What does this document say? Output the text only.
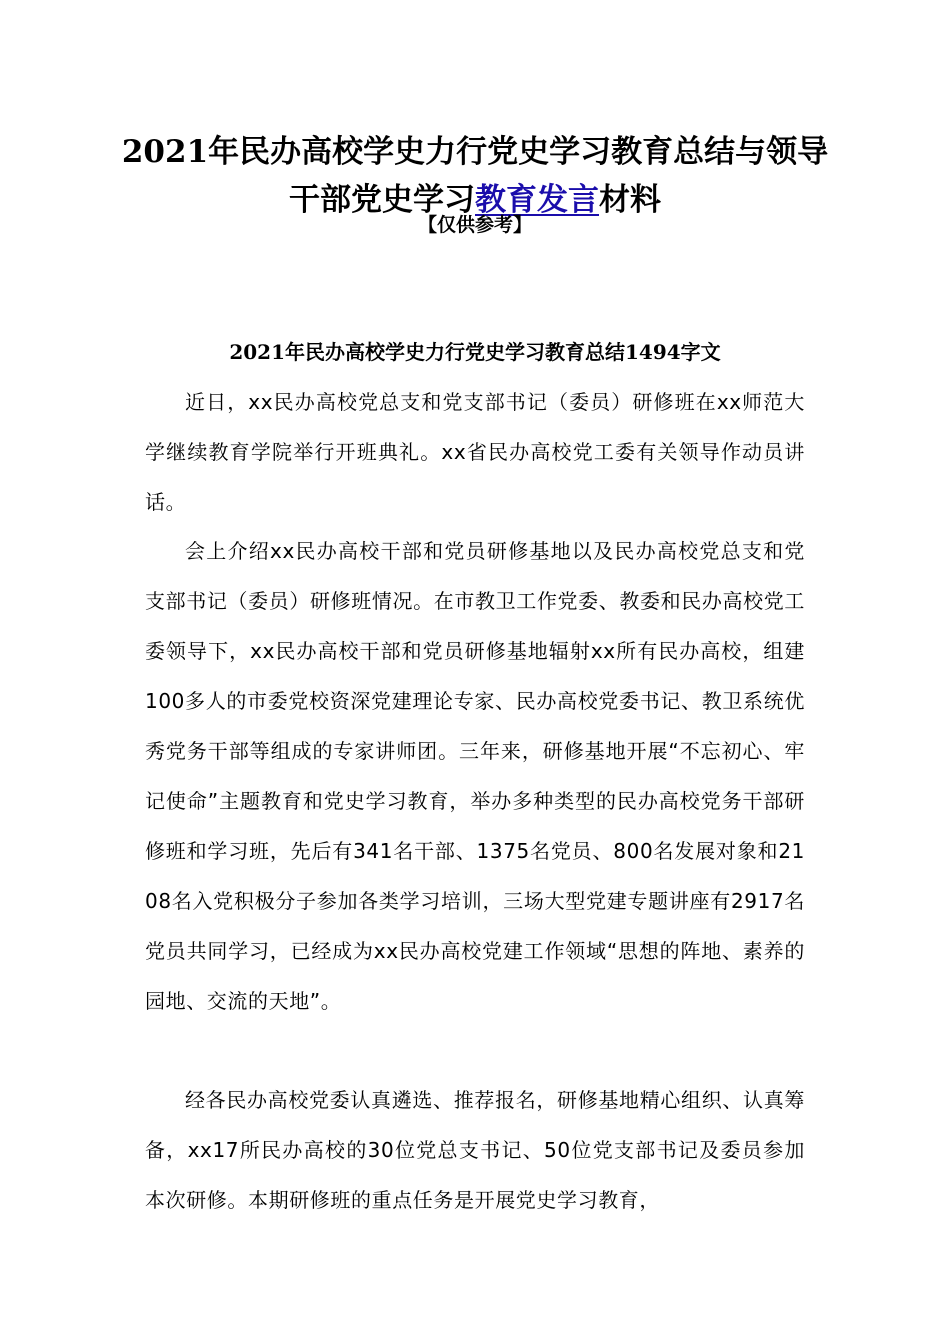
2021年民办高校学史力行党史学习教育总结与领导
干部党史学习教育发言材料
【仅供参考】
2021年民办高校学史力行党史学习教育总结1494字文

近日，xx民办高校党总支和党支部书记（委员）研修班在xx师范大学继续教育学院举行开班典礼。xx省民办高校党工委有关领导作动员讲话。

会上介绍xx民办高校干部和党员研修基地以及民办高校党总支和党支部书记（委员）研修班情况。在市教卫工作党委、教委和民办高校党工委领导下，xx民办高校干部和党员研修基地辐射xx所有民办高校，组建100多人的市委党校资深党建理论专家、民办高校党委书记、教卫系统优秀党务干部等组成的专家讲师团。三年来，研修基地开展“不忘初心、牢记使命”主题教育和党史学习教育，举办多种类型的民办高校党务干部研修班和学习班，先后有341名干部、1375名党员、800名发展对象和2108名入党积极分子参加各类学习培训，三场大型党建专题讲座有2917名党员共同学习，已经成为xx民办高校党建工作领域“思想的阵地、素养的园地、交流的天地”。

经各民办高校党委认真遴选、推荐报名，研修基地精心组织、认真筹备，xx17所民办高校的30位党总支书记、50位党支部书记及委员参加本次研修。本期研修班的重点任务是开展党史学习教育，
